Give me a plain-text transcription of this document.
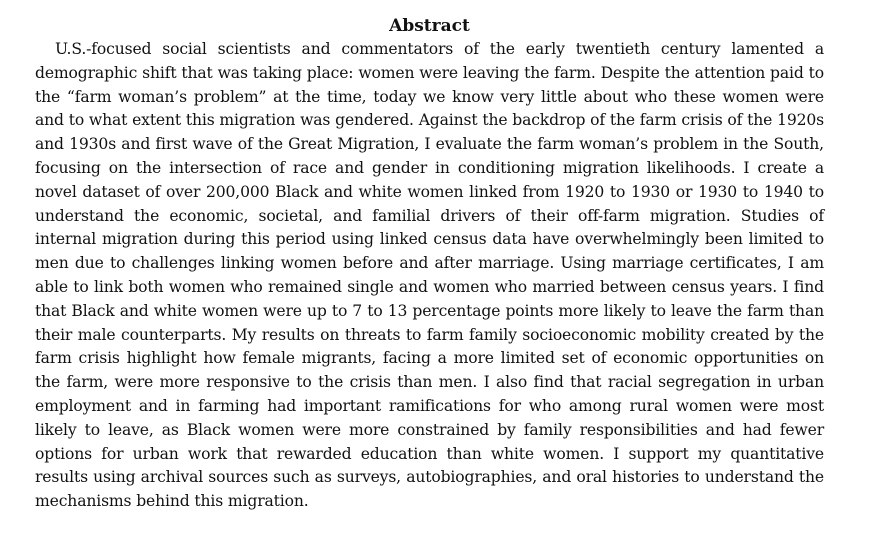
Abstract

U.S.-focused social scientists and commentators of the early twentieth century lamented a demographic shift that was taking place: women were leaving the farm. Despite the attention paid to the “farm woman’s problem” at the time, today we know very little about who these women were and to what extent this migration was gendered. Against the backdrop of the farm crisis of the 1920s and 1930s and first wave of the Great Migration, I evaluate the farm woman’s problem in the South, focusing on the intersection of race and gender in conditioning migration likelihoods. I create a novel dataset of over 200,000 Black and white women linked from 1920 to 1930 or 1930 to 1940 to understand the economic, societal, and familial drivers of their off-farm migration. Studies of internal migration during this period using linked census data have overwhelmingly been limited to men due to challenges linking women before and after marriage. Using marriage certificates, I am able to link both women who remained single and women who married between census years. I find that Black and white women were up to 7 to 13 percentage points more likely to leave the farm than their male counterparts. My results on threats to farm family socioeconomic mobility created by the farm crisis highlight how female migrants, facing a more limited set of economic opportunities on the farm, were more responsive to the crisis than men. I also find that racial segregation in urban employment and in farming had important ramifications for who among rural women were most likely to leave, as Black women were more constrained by family responsibilities and had fewer options for urban work that rewarded education than white women. I support my quantitative results using archival sources such as surveys, autobiographies, and oral histories to understand the mechanisms behind this migration.
